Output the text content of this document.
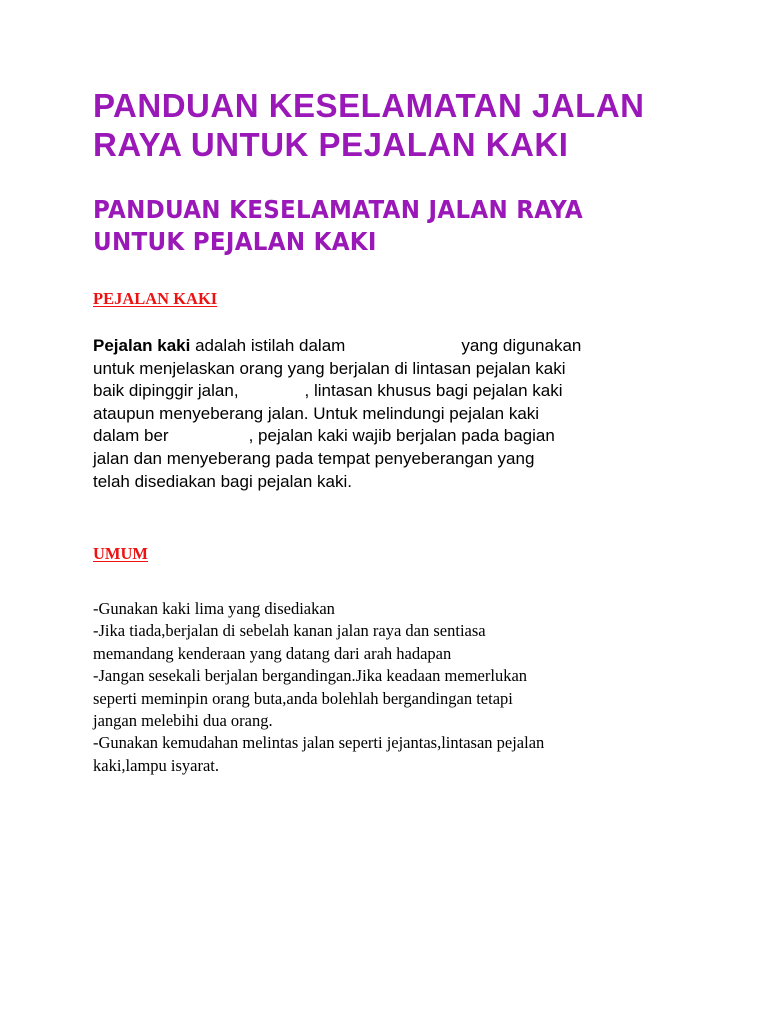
PANDUAN KESELAMATAN JALAN
RAYA UNTUK PEJALAN KAKI
PANDUAN KESELAMATAN JALAN RAYA
UNTUK PEJALAN KAKI
PEJALAN KAKI
Pejalan kaki adalah istilah dalam	yang digunakan
untuk menjelaskan orang yang berjalan di lintasan pejalan kaki
baik dipinggir jalan,	, lintasan khusus bagi pejalan kaki
ataupun menyeberang jalan. Untuk melindungi pejalan kaki
dalam ber	, pejalan kaki wajib berjalan pada bagian
jalan dan menyeberang pada tempat penyeberangan yang
telah disediakan bagi pejalan kaki.
UMUM
-Gunakan kaki lima yang disediakan
-Jika tiada,berjalan di sebelah kanan jalan raya dan sentiasa
memandang kenderaan yang datang dari arah hadapan
-Jangan sesekali berjalan bergandingan.Jika keadaan memerlukan
seperti meminpin orang buta,anda bolehlah bergandingan tetapi
jangan melebihi dua orang.
-Gunakan kemudahan melintas jalan seperti jejantas,lintasan pejalan
kaki,lampu isyarat.
